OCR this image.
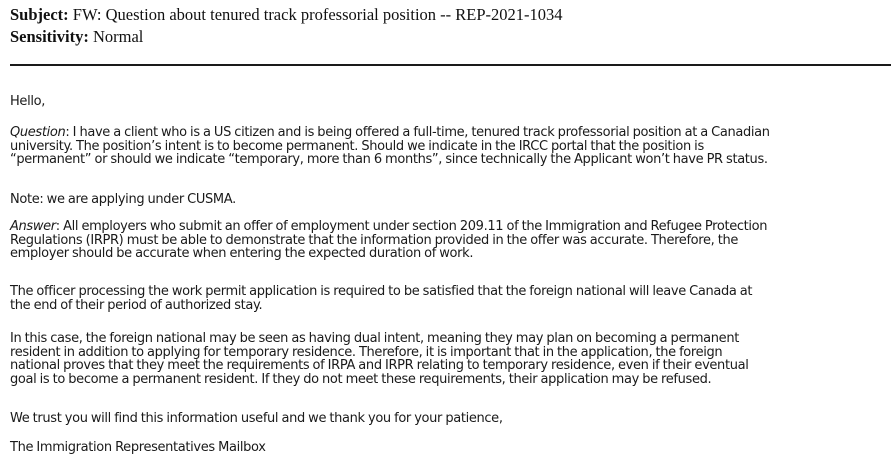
Subject: FW: Question about tenured track professorial position -- REP-2021-1034
Sensitivity: Normal

Hello,

Question: I have a client who is a US citizen and is being offered a full-time, tenured track professorial position at a Canadian
university. The position’s intent is to become permanent. Should we indicate in the IRCC portal that the position is
“permanent” or should we indicate “temporary, more than 6 months”, since technically the Applicant won’t have PR status.

Note: we are applying under CUSMA.

Answer: All employers who submit an offer of employment under section 209.11 of the Immigration and Refugee Protection
Regulations (IRPR) must be able to demonstrate that the information provided in the offer was accurate. Therefore, the
employer should be accurate when entering the expected duration of work.

The officer processing the work permit application is required to be satisfied that the foreign national will leave Canada at
the end of their period of authorized stay.

In this case, the foreign national may be seen as having dual intent, meaning they may plan on becoming a permanent
resident in addition to applying for temporary residence. Therefore, it is important that in the application, the foreign
national proves that they meet the requirements of IRPA and IRPR relating to temporary residence, even if their eventual
goal is to become a permanent resident. If they do not meet these requirements, their application may be refused.

We trust you will find this information useful and we thank you for your patience,

The Immigration Representatives Mailbox
